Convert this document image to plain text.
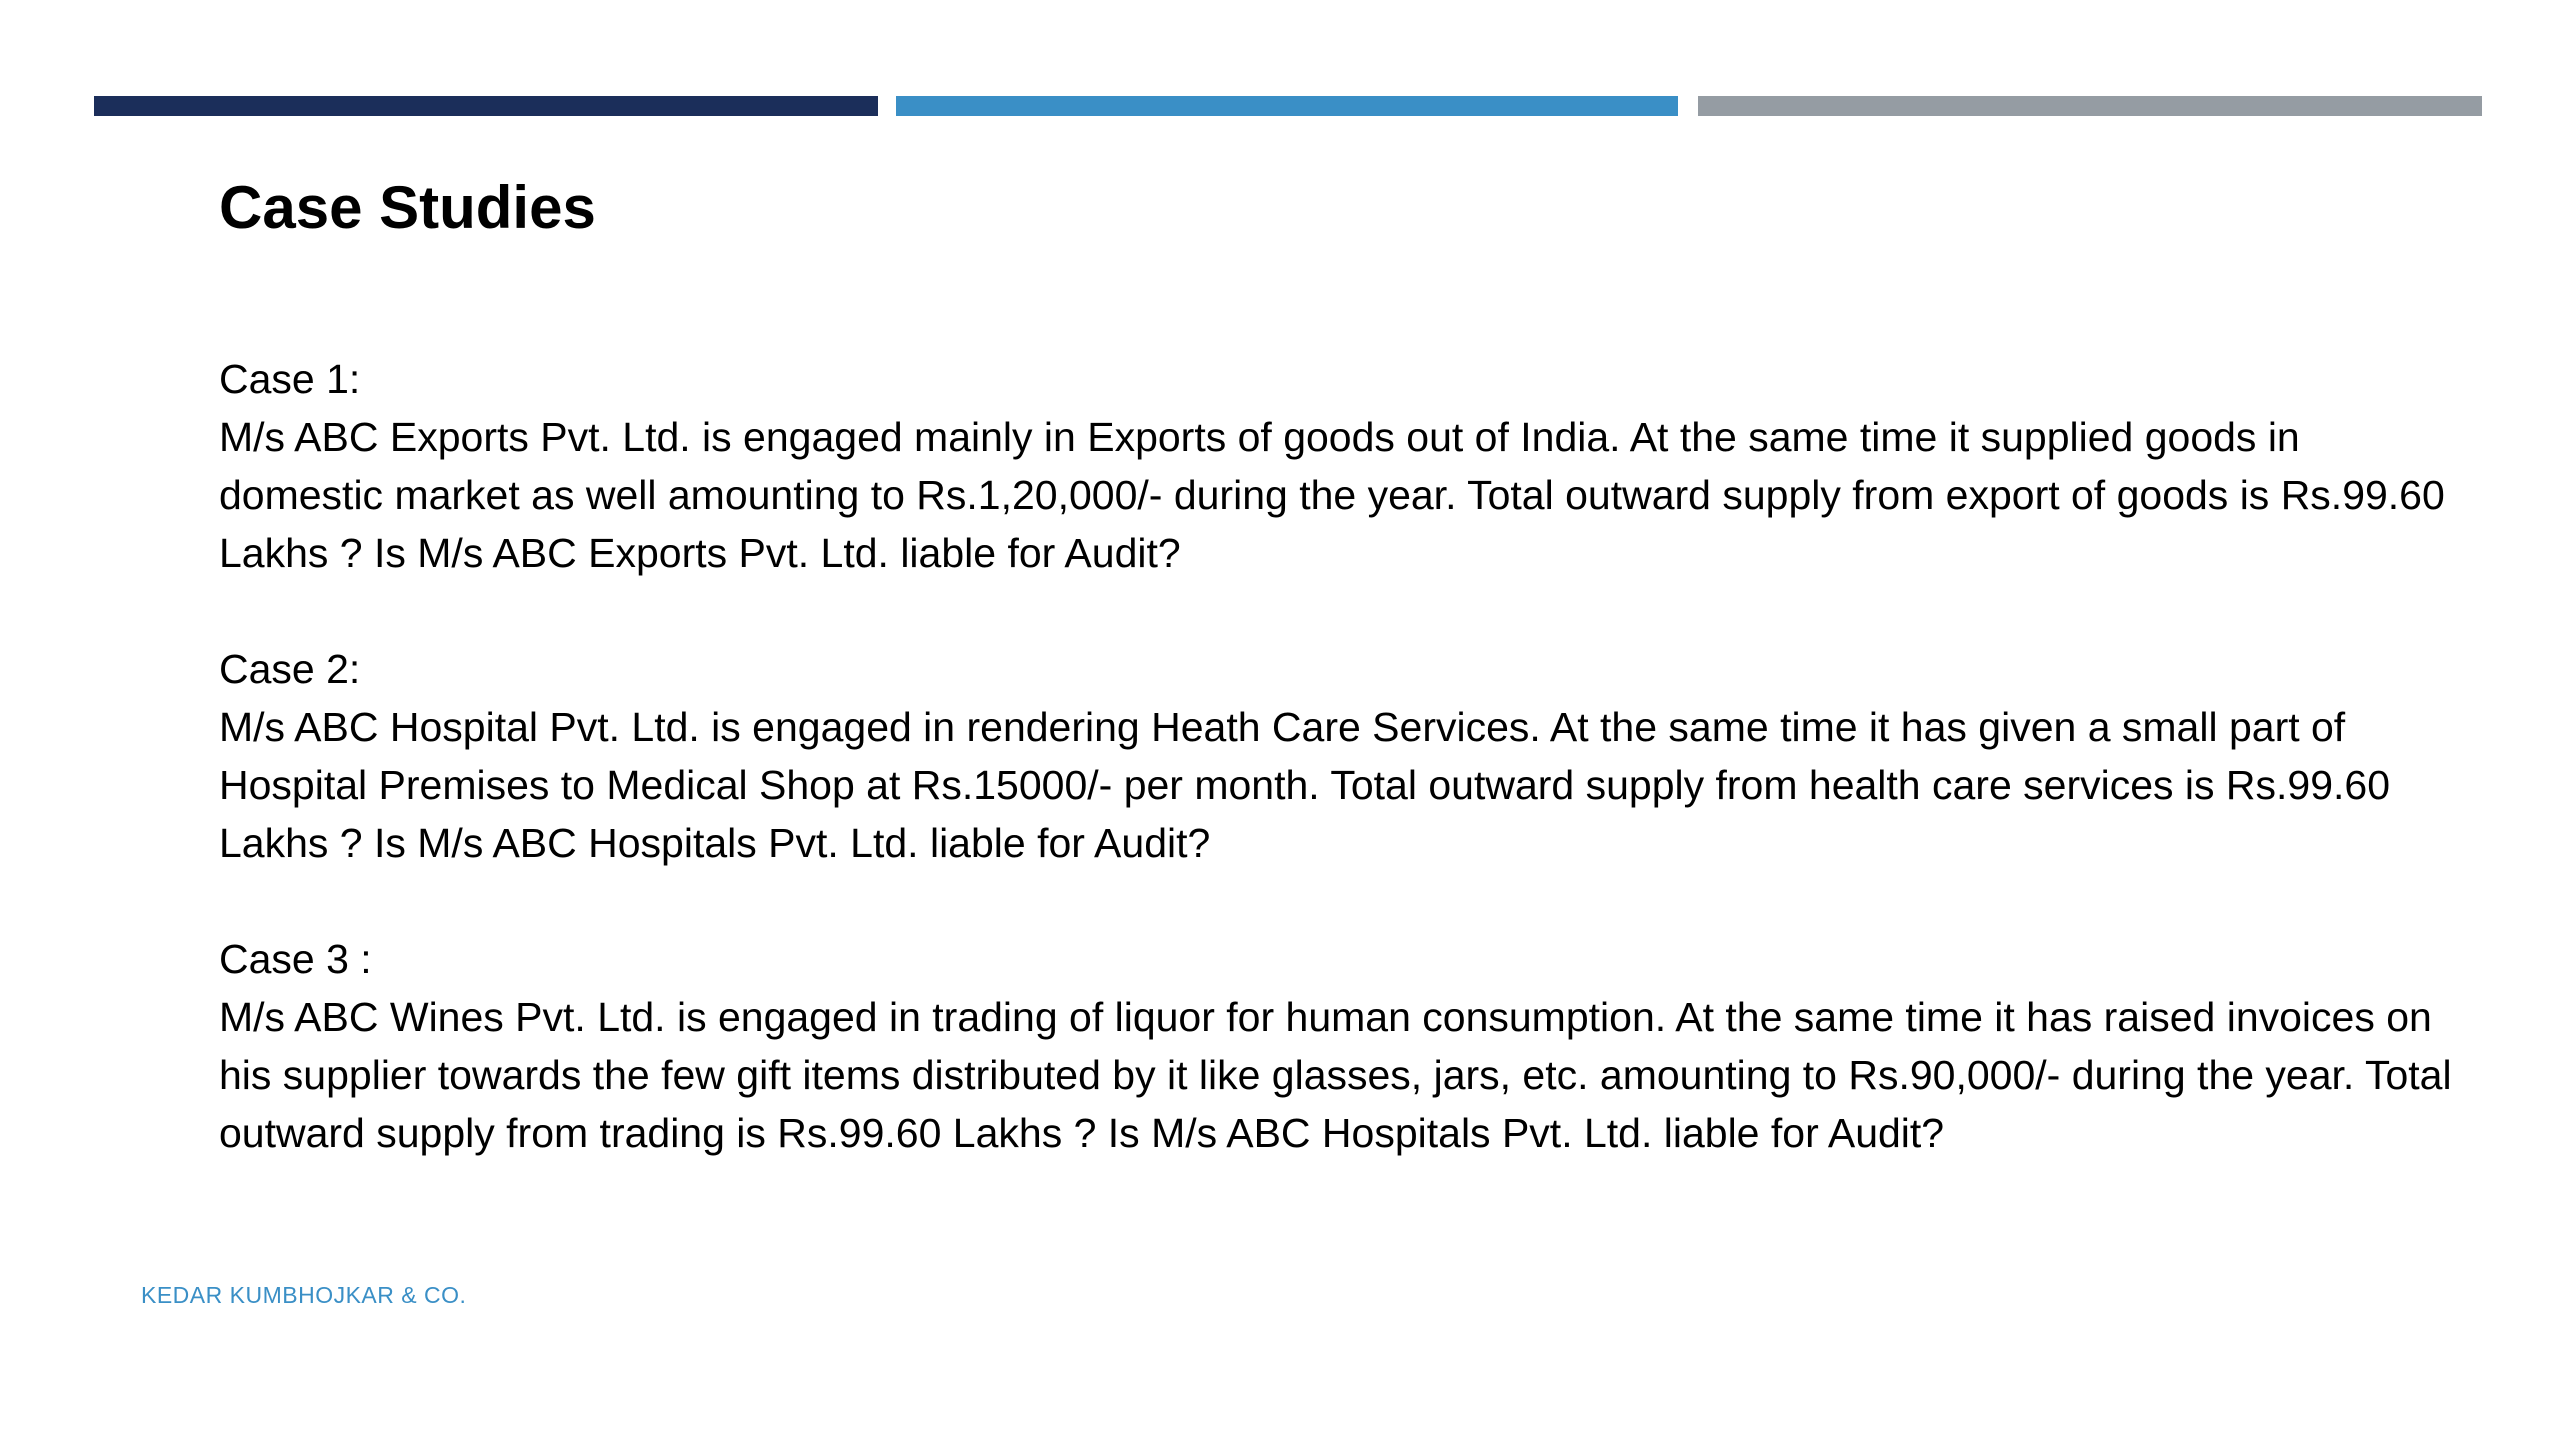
Case Studies

Case 1:

M/s ABC Exports Pvt. Ltd. is engaged mainly in Exports of goods out of India. At the same time it supplied goods in domestic market as well amounting to Rs.1,20,000/- during the year. Total outward supply from export of goods is Rs.99.60 Lakhs ? Is M/s ABC Exports Pvt. Ltd. liable for Audit?

Case 2:

M/s ABC Hospital Pvt. Ltd. is engaged in rendering Heath Care Services. At the same time it has given a small part of Hospital Premises to Medical Shop at Rs.15000/- per month. Total outward supply from health care services is Rs.99.60 Lakhs ? Is M/s ABC Hospitals Pvt. Ltd. liable for Audit?

Case 3 :

M/s ABC Wines Pvt. Ltd. is engaged in trading of liquor for human consumption. At the same time it has raised invoices on his supplier towards the few gift items distributed by it like glasses, jars, etc. amounting to Rs.90,000/- during the year. Total outward supply from trading is Rs.99.60 Lakhs ? Is M/s ABC Hospitals Pvt. Ltd. liable for Audit?

KEDAR KUMBHOJKAR & CO.
